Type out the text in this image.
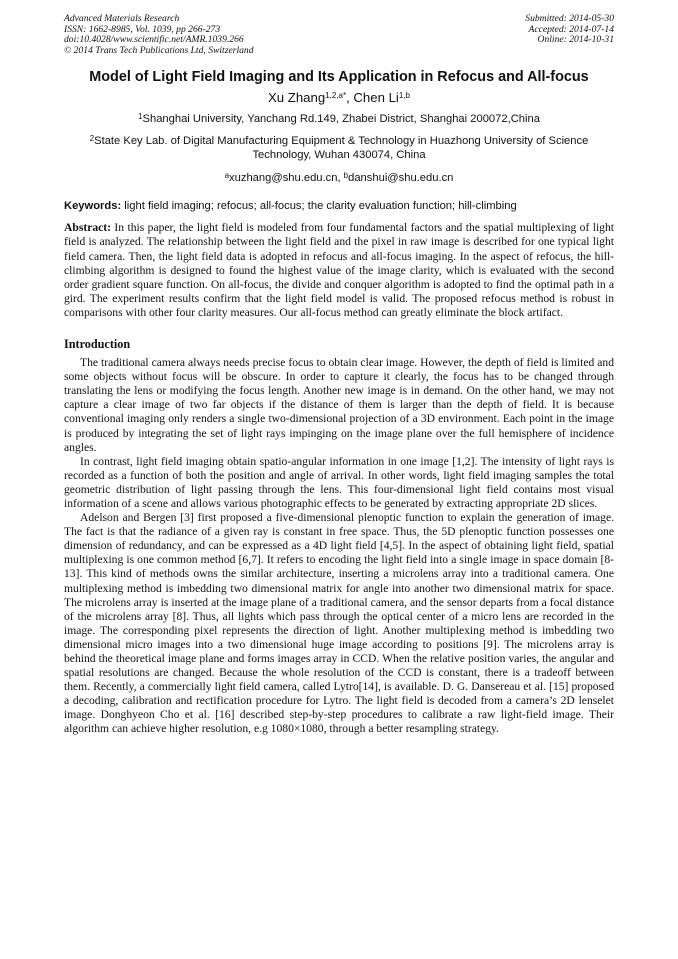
Advanced Materials Research
ISSN: 1662-8985, Vol. 1039, pp 266-273
doi:10.4028/www.scientific.net/AMR.1039.266
© 2014 Trans Tech Publications Ltd, Switzerland
Submitted: 2014-05-30
Accepted: 2014-07-14
Online: 2014-10-31
Model of Light Field Imaging and Its Application in Refocus and All-focus
Xu Zhang$^{1,2,a*}$, Chen Li$^{1,b}$
$^1$Shanghai University, Yanchang Rd.149, Zhabei District, Shanghai 200072,China
$^2$State Key Lab. of Digital Manufacturing Equipment & Technology in Huazhong University of Science Technology, Wuhan 430074, China
$^a$xuzhang@shu.edu.cn, $^b$danshui@shu.edu.cn
Keywords: light field imaging; refocus; all-focus; the clarity evaluation function; hill-climbing
Abstract: In this paper, the light field is modeled from four fundamental factors and the spatial multiplexing of light field is analyzed. The relationship between the light field and the pixel in raw image is described for one typical light field camera. Then, the light field data is adopted in refocus and all-focus imaging. In the aspect of refocus, the hill-climbing algorithm is designed to found the highest value of the image clarity, which is evaluated with the second order gradient square function. On all-focus, the divide and conquer algorithm is adopted to find the optimal path in a gird. The experiment results confirm that the light field model is valid. The proposed refocus method is robust in comparisons with other four clarity measures. Our all-focus method can greatly eliminate the block artifact.
Introduction

The traditional camera always needs precise focus to obtain clear image. However, the depth of field is limited and some objects without focus will be obscure. In order to capture it clearly, the focus has to be changed through translating the lens or modifying the focus length. Another new image is in demand. On the other hand, we may not capture a clear image of two far objects if the distance of them is larger than the depth of field. It is because conventional imaging only renders a single two-dimensional projection of a 3D environment. Each point in the image is produced by integrating the set of light rays impinging on the image plane over the full hemisphere of incidence angles.

In contrast, light field imaging obtain spatio-angular information in one image [1,2]. The intensity of light rays is recorded as a function of both the position and angle of arrival. In other words, light field imaging samples the total geometric distribution of light passing through the lens. This four-dimensional light field contains most visual information of a scene and allows various photographic effects to be generated by extracting appropriate 2D slices.

Adelson and Bergen [3] first proposed a five-dimensional plenoptic function to explain the generation of image. The fact is that the radiance of a given ray is constant in free space. Thus, the 5D plenoptic function possesses one dimension of redundancy, and can be expressed as a 4D light field [4,5]. In the aspect of obtaining light field, spatial multiplexing is one common method [6,7]. It refers to encoding the light field into a single image in space domain [8-13]. This kind of methods owns the similar architecture, inserting a microlens array into a traditional camera. One multiplexing method is imbedding two dimensional matrix for angle into another two dimensional matrix for space. The microlens array is inserted at the image plane of a traditional camera, and the sensor departs from a focal distance of the microlens array [8]. Thus, all lights which pass through the optical center of a micro lens are recorded in the image. The corresponding pixel represents the direction of light. Another multiplexing method is imbedding two dimensional micro images into a two dimensional huge image according to positions [9]. The microlens array is behind the theoretical image plane and forms images array in CCD. When the relative position varies, the angular and spatial resolutions are changed. Because the whole resolution of the CCD is constant, there is a tradeoff between them. Recently, a commercially light field camera, called Lytro[14], is available. D. G. Dansereau et al. [15] proposed a decoding, calibration and rectification procedure for Lytro. The light field is decoded from a camera’s 2D lenselet image. Donghyeon Cho et al. [16] described step-by-step procedures to calibrate a raw light-field image. Their algorithm can achieve higher resolution, e.g 1080×1080, through a better resampling strategy.
